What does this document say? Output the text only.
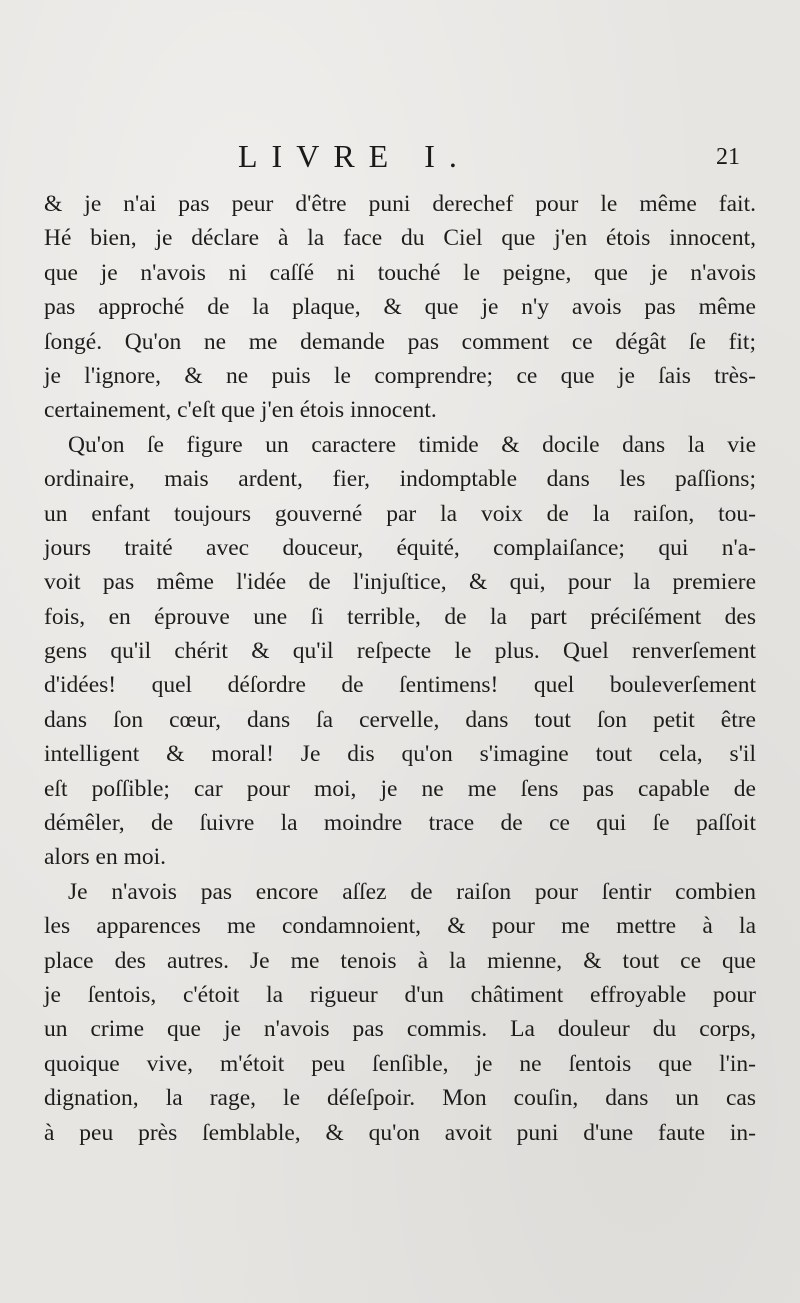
LIVRE I.	21
& je n'ai pas peur d'être puni derechef pour le même fait.
Hé bien, je déclare à la face du Ciel que j'en étois innocent,
que je n'avois ni caſſé ni touché le peigne, que je n'avois
pas approché de la plaque, & que je n'y avois pas même
ſongé. Qu'on ne me demande pas comment ce dégât ſe fit;
je l'ignore, & ne puis le comprendre; ce que je ſais très-
certainement, c'eſt que j'en étois innocent.
Qu'on ſe figure un caractere timide & docile dans la vie
ordinaire, mais ardent, fier, indomptable dans les paſſions;
un enfant toujours gouverné par la voix de la raiſon, tou-
jours traité avec douceur, équité, complaiſance; qui n'a-
voit pas même l'idée de l'injuſtice, & qui, pour la premiere
fois, en éprouve une ſi terrible, de la part préciſément des
gens qu'il chérit & qu'il reſpecte le plus. Quel renverſement
d'idées! quel déſordre de ſentimens! quel bouleverſement
dans ſon cœur, dans ſa cervelle, dans tout ſon petit être
intelligent & moral! Je dis qu'on s'imagine tout cela, s'il
eſt poſſible; car pour moi, je ne me ſens pas capable de
démêler, de ſuivre la moindre trace de ce qui ſe paſſoit
alors en moi.
Je n'avois pas encore aſſez de raiſon pour ſentir combien
les apparences me condamnoient, & pour me mettre à la
place des autres. Je me tenois à la mienne, & tout ce que
je ſentois, c'étoit la rigueur d'un châtiment effroyable pour
un crime que je n'avois pas commis. La douleur du corps,
quoique vive, m'étoit peu ſenſible, je ne ſentois que l'in-
dignation, la rage, le déſeſpoir. Mon couſin, dans un cas
à peu près ſemblable, & qu'on avoit puni d'une faute in-
